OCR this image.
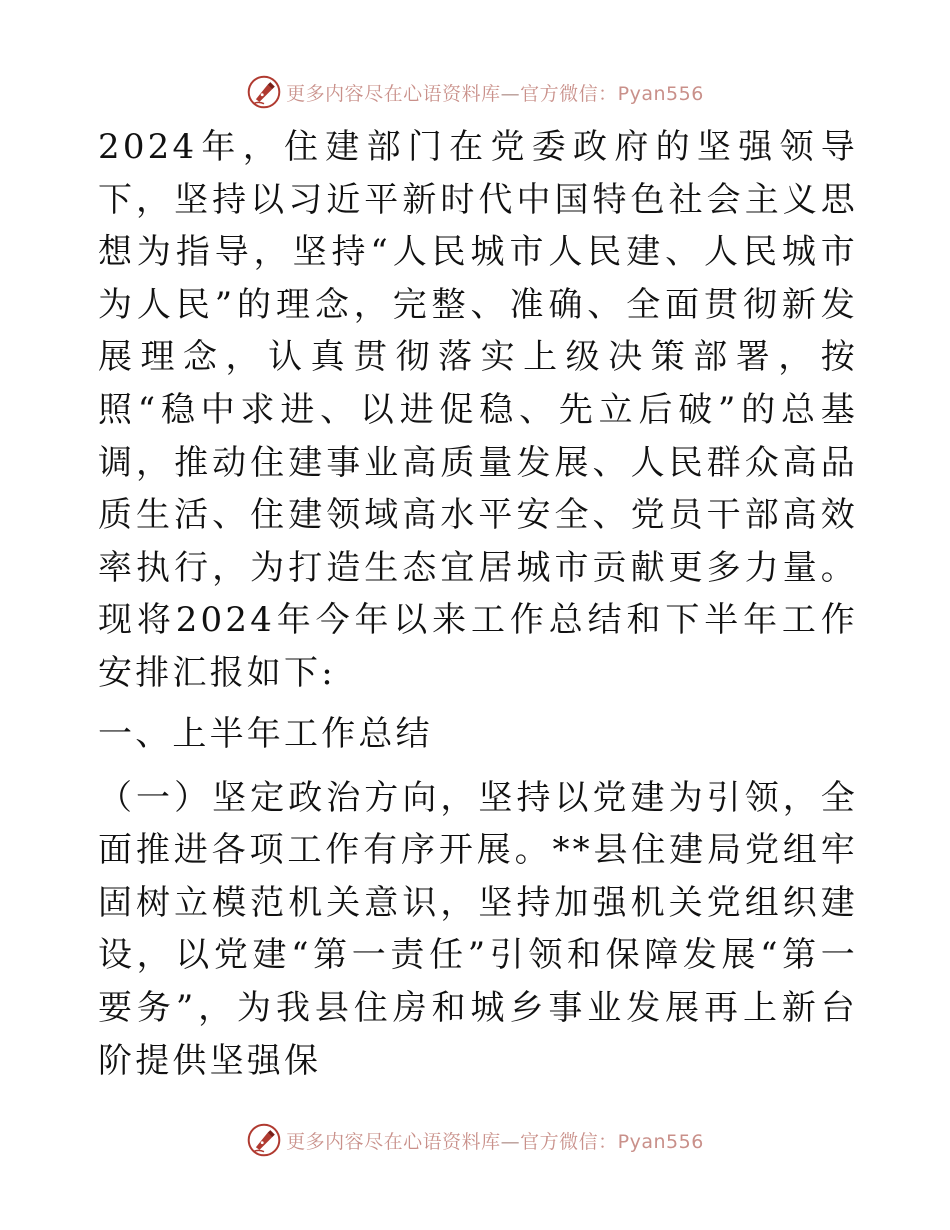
更多内容尽在心语资料库—官方微信：Pyan556

2024年，住建部门在党委政府的坚强领导下，坚持以习近平新时代中国特色社会主义思想为指导，坚持“人民城市人民建、人民城市为人民”的理念，完整、准确、全面贯彻新发展理念，认真贯彻落实上级决策部署，按照“稳中求进、以进促稳、先立后破”的总基调，推动住建事业高质量发展、人民群众高品质生活、住建领域高水平安全、党员干部高效率执行，为打造生态宜居城市贡献更多力量。现将2024年今年以来工作总结和下半年工作安排汇报如下:

一、上半年工作总结

（一）坚定政治方向，坚持以党建为引领，全面推进各项工作有序开展。**县住建局党组牢固树立模范机关意识，坚持加强机关党组织建设，以党建“第一责任”引领和保障发展“第一要务”，为我县住房和城乡事业发展再上新台阶提供坚强保

更多内容尽在心语资料库—官方微信：Pyan556
